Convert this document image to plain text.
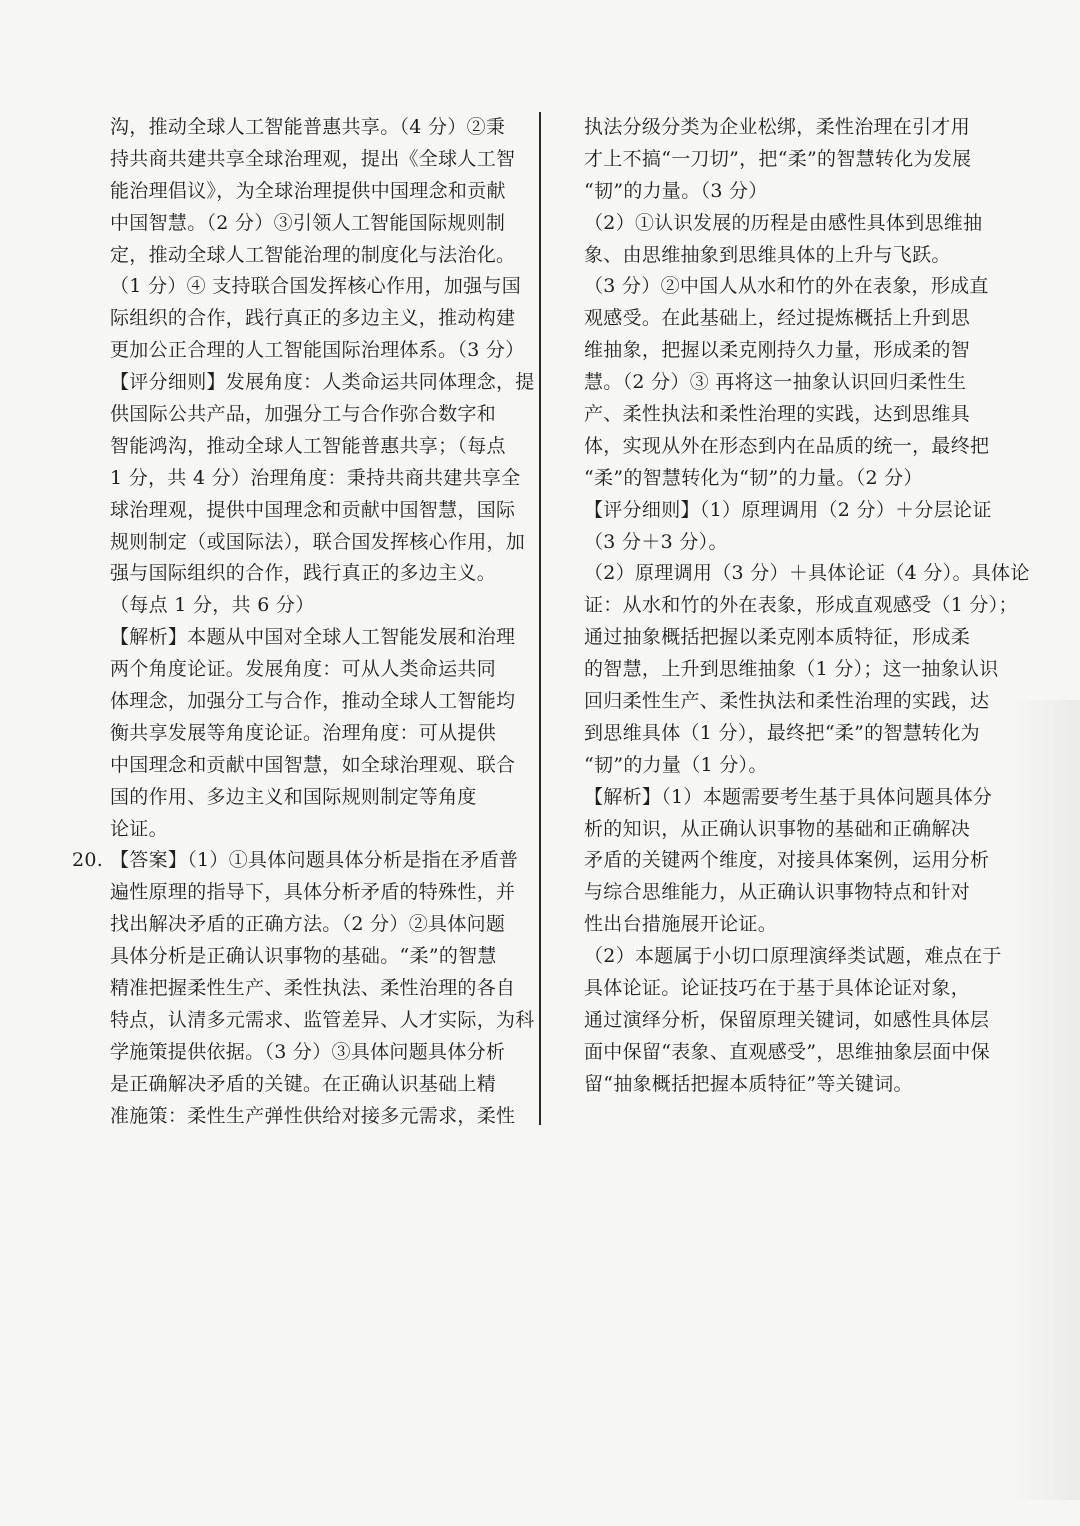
沟，推动全球人工智能普惠共享。（4 分）②秉
持共商共建共享全球治理观，提出《全球人工智
能治理倡议》，为全球治理提供中国理念和贡献
中国智慧。（2 分）③引领人工智能国际规则制
定，推动全球人工智能治理的制度化与法治化。
（1 分）④ 支持联合国发挥核心作用，加强与国
际组织的合作，践行真正的多边主义，推动构建
更加公正合理的人工智能国际治理体系。（3 分）
【评分细则】发展角度：人类命运共同体理念，提
供国际公共产品，加强分工与合作弥合数字和
智能鸿沟，推动全球人工智能普惠共享；（每点
1 分，共 4 分）治理角度：秉持共商共建共享全
球治理观，提供中国理念和贡献中国智慧，国际
规则制定（或国际法），联合国发挥核心作用，加
强与国际组织的合作，践行真正的多边主义。
（每点 1 分，共 6 分）
【解析】本题从中国对全球人工智能发展和治理
两个角度论证。发展角度：可从人类命运共同
体理念，加强分工与合作，推动全球人工智能均
衡共享发展等角度论证。治理角度：可从提供
中国理念和贡献中国智慧，如全球治理观、联合
国的作用、多边主义和国际规则制定等角度
论证。
20. 【答案】（1）①具体问题具体分析是指在矛盾普
遍性原理的指导下，具体分析矛盾的特殊性，并
找出解决矛盾的正确方法。（2 分）②具体问题
具体分析是正确认识事物的基础。“柔”的智慧
精准把握柔性生产、柔性执法、柔性治理的各自
特点，认清多元需求、监管差异、人才实际，为科
学施策提供依据。（3 分）③具体问题具体分析
是正确解决矛盾的关键。在正确认识基础上精
准施策：柔性生产弹性供给对接多元需求，柔性
执法分级分类为企业松绑，柔性治理在引才用
才上不搞“一刀切”，把“柔”的智慧转化为发展
“韧”的力量。（3 分）
（2）①认识发展的历程是由感性具体到思维抽
象、由思维抽象到思维具体的上升与飞跃。
（3 分）②中国人从水和竹的外在表象，形成直
观感受。在此基础上，经过提炼概括上升到思
维抽象，把握以柔克刚持久力量，形成柔的智
慧。（2 分）③ 再将这一抽象认识回归柔性生
产、柔性执法和柔性治理的实践，达到思维具
体，实现从外在形态到内在品质的统一，最终把
“柔”的智慧转化为“韧”的力量。（2 分）
【评分细则】（1）原理调用（2 分）＋分层论证
（3 分＋3 分）。
（2）原理调用（3 分）＋具体论证（4 分）。具体论
证：从水和竹的外在表象，形成直观感受（1 分）；
通过抽象概括把握以柔克刚本质特征，形成柔
的智慧，上升到思维抽象（1 分）；这一抽象认识
回归柔性生产、柔性执法和柔性治理的实践，达
到思维具体（1 分），最终把“柔”的智慧转化为
“韧”的力量（1 分）。
【解析】（1）本题需要考生基于具体问题具体分
析的知识，从正确认识事物的基础和正确解决
矛盾的关键两个维度，对接具体案例，运用分析
与综合思维能力，从正确认识事物特点和针对
性出台措施展开论证。
（2）本题属于小切口原理演绎类试题，难点在于
具体论证。论证技巧在于基于具体论证对象，
通过演绎分析，保留原理关键词，如感性具体层
面中保留“表象、直观感受”，思维抽象层面中保
留“抽象概括把握本质特征”等关键词。
